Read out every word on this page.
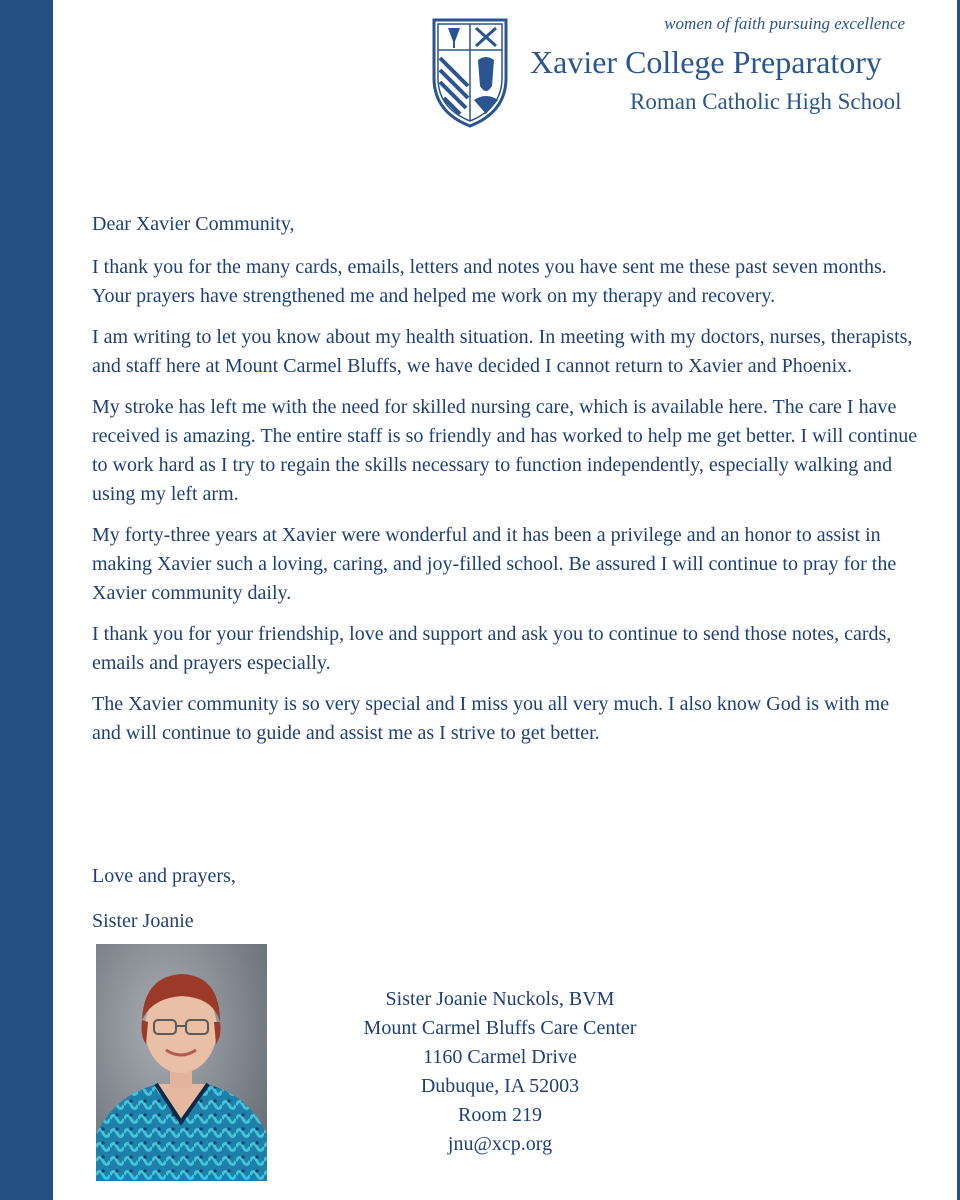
women of faith pursuing excellence
Xavier College Preparatory
Roman Catholic High School

Dear Xavier Community,

I thank you for the many cards, emails, letters and notes you have sent me these past seven months. Your prayers have strengthened me and helped me work on my therapy and recovery.

I am writing to let you know about my health situation. In meeting with my doctors, nurses, therapists, and staff here at Mount Carmel Bluffs, we have decided I cannot return to Xavier and Phoenix.

My stroke has left me with the need for skilled nursing care, which is available here. The care I have received is amazing. The entire staff is so friendly and has worked to help me get better. I will continue to work hard as I try to regain the skills necessary to function independently, especially walking and using my left arm.

My forty-three years at Xavier were wonderful and it has been a privilege and an honor to assist in making Xavier such a loving, caring, and joy-filled school. Be assured I will continue to pray for the Xavier community daily.

I thank you for your friendship, love and support and ask you to continue to send those notes, cards, emails and prayers especially.

The Xavier community is so very special and I miss you all very much. I also know God is with me and will continue to guide and assist me as I strive to get better.

Love and prayers,

Sister Joanie

Sister Joanie Nuckols, BVM
Mount Carmel Bluffs Care Center
1160 Carmel Drive
Dubuque, IA 52003
Room 219
jnu@xcp.org
